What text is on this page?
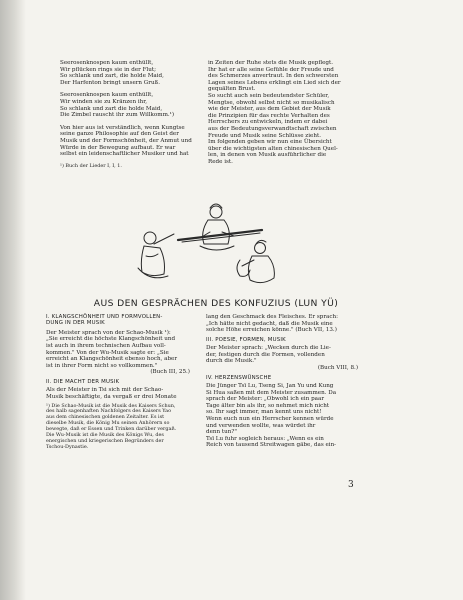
Seerosenknospen kaum enthüllt,

Wir pflücken rings sie in der Flut;

So schlank und zart, die holde Maid,

Der Harfenton bringt unsern Gruß.

Seerosenknospen kaum enthüllt,

Wir winden sie zu Kränzen ihr,

So schlank und zart die holde Maid,

Die Zimbel rauscht ihr zum Willkomm.¹)

Von hier aus ist verständlich, wenn Kungtse

seine ganze Philosophie auf den Geist der

Musik und der Formschönheit, der Anmut und

Würde in der Bewegung aufbaut. Er war

selbst ein leidenschaftlicher Musiker und hat

¹) Buch der Lieder I, I, 1.

in Zeiten der Ruhe stets die Musik gepflegt.

Ihr hat er alle seine Gefühle der Freude und

des Schmerzes anvertraut. In den schwersten

Lagen seines Lebens erklingt ein Lied sich der

gequälten Brust.

So sucht auch sein bedeutendster Schüler,

Mengtse, obwohl selbst nicht so musikalisch

wie der Meister, aus dem Gebiet der Musik

die Prinzipien für das rechte Verhalten des

Herrschers zu entwickeln, indem er dabei

aus der Bedeutungsverwandtschaft zwischen

Freude und Musik seine Schlüsse zieht.

Im folgenden geben wir nun eine Übersicht

über die wichtigsten alten chinesischen Quel-

len, in denen von Musik ausführlicher die

Rede ist.

AUS DEN GESPRÄCHEN DES KONFUZIUS (LUN YÜ)

I. KLANGSCHÖNHEIT UND FORMVOLLEN-

DUNG IN DER MUSIK

Der Meister sprach von der Schao-Musik ¹):

„Sie erreicht die höchste Klangschönheit und

ist auch in ihrem technischen Aufbau voll-

kommen." Von der Wu-Musik sagte er: „Sie

erreicht an Klangschönheit ebenso hoch, aber

ist in ihrer Form nicht so vollkommen."

(Buch III, 25.)

II. DIE MACHT DER MUSIK

Als der Meister in Tsi sich mit der Schao-

Musik beschäftigte, da vergaß er drei Monate

¹) Die Schao-Musik ist die Musik des Kaisers Schun,

des halb sagenhaften Nachfolgers des Kaisers Yao

aus dem chinesischen goldenen Zeitalter. Es ist

dieselbe Musik, die König Mu seinen Anhörern so

bewegte, daß er Essen und Trinken darüber vergaß.

Die Wu-Musik ist die Musik des Königs Wu, des

energischen und kriegerischen Begründers der

Tschou-Dynastie.

lang den Geschmack des Fleisches. Er sprach:

„Ich hätte nicht gedacht, daß die Musik eine

solche Höhe erreichen könne." (Buch VII, 13.)

III. POESIE, FORMEN, MUSIK

Der Meister sprach: „Wecken durch die Lie-

der, festigen durch die Formen, vollenden

durch die Musik."

(Buch VIII, 8.)

IV. HERZENSWÜNSCHE

Die Jünger Tsï Lu, Tseng Si, Jan Yu und Kung

Si Hua saßen mit dem Meister zusammen. Da

sprach der Meister: „Obwohl ich ein paar

Tage älter bin als ihr, so nehmet mich nicht

so. Ihr sagt immer, man kennt uns nicht!

Wenn euch nun ein Herrscher kennen würde

und verwenden wollte, was würdet ihr

denn tun?"

Tsï Lu fuhr sogleich heraus: „Wenn es ein

Reich von tausend Streitwagen gäbe, das ein-

3
